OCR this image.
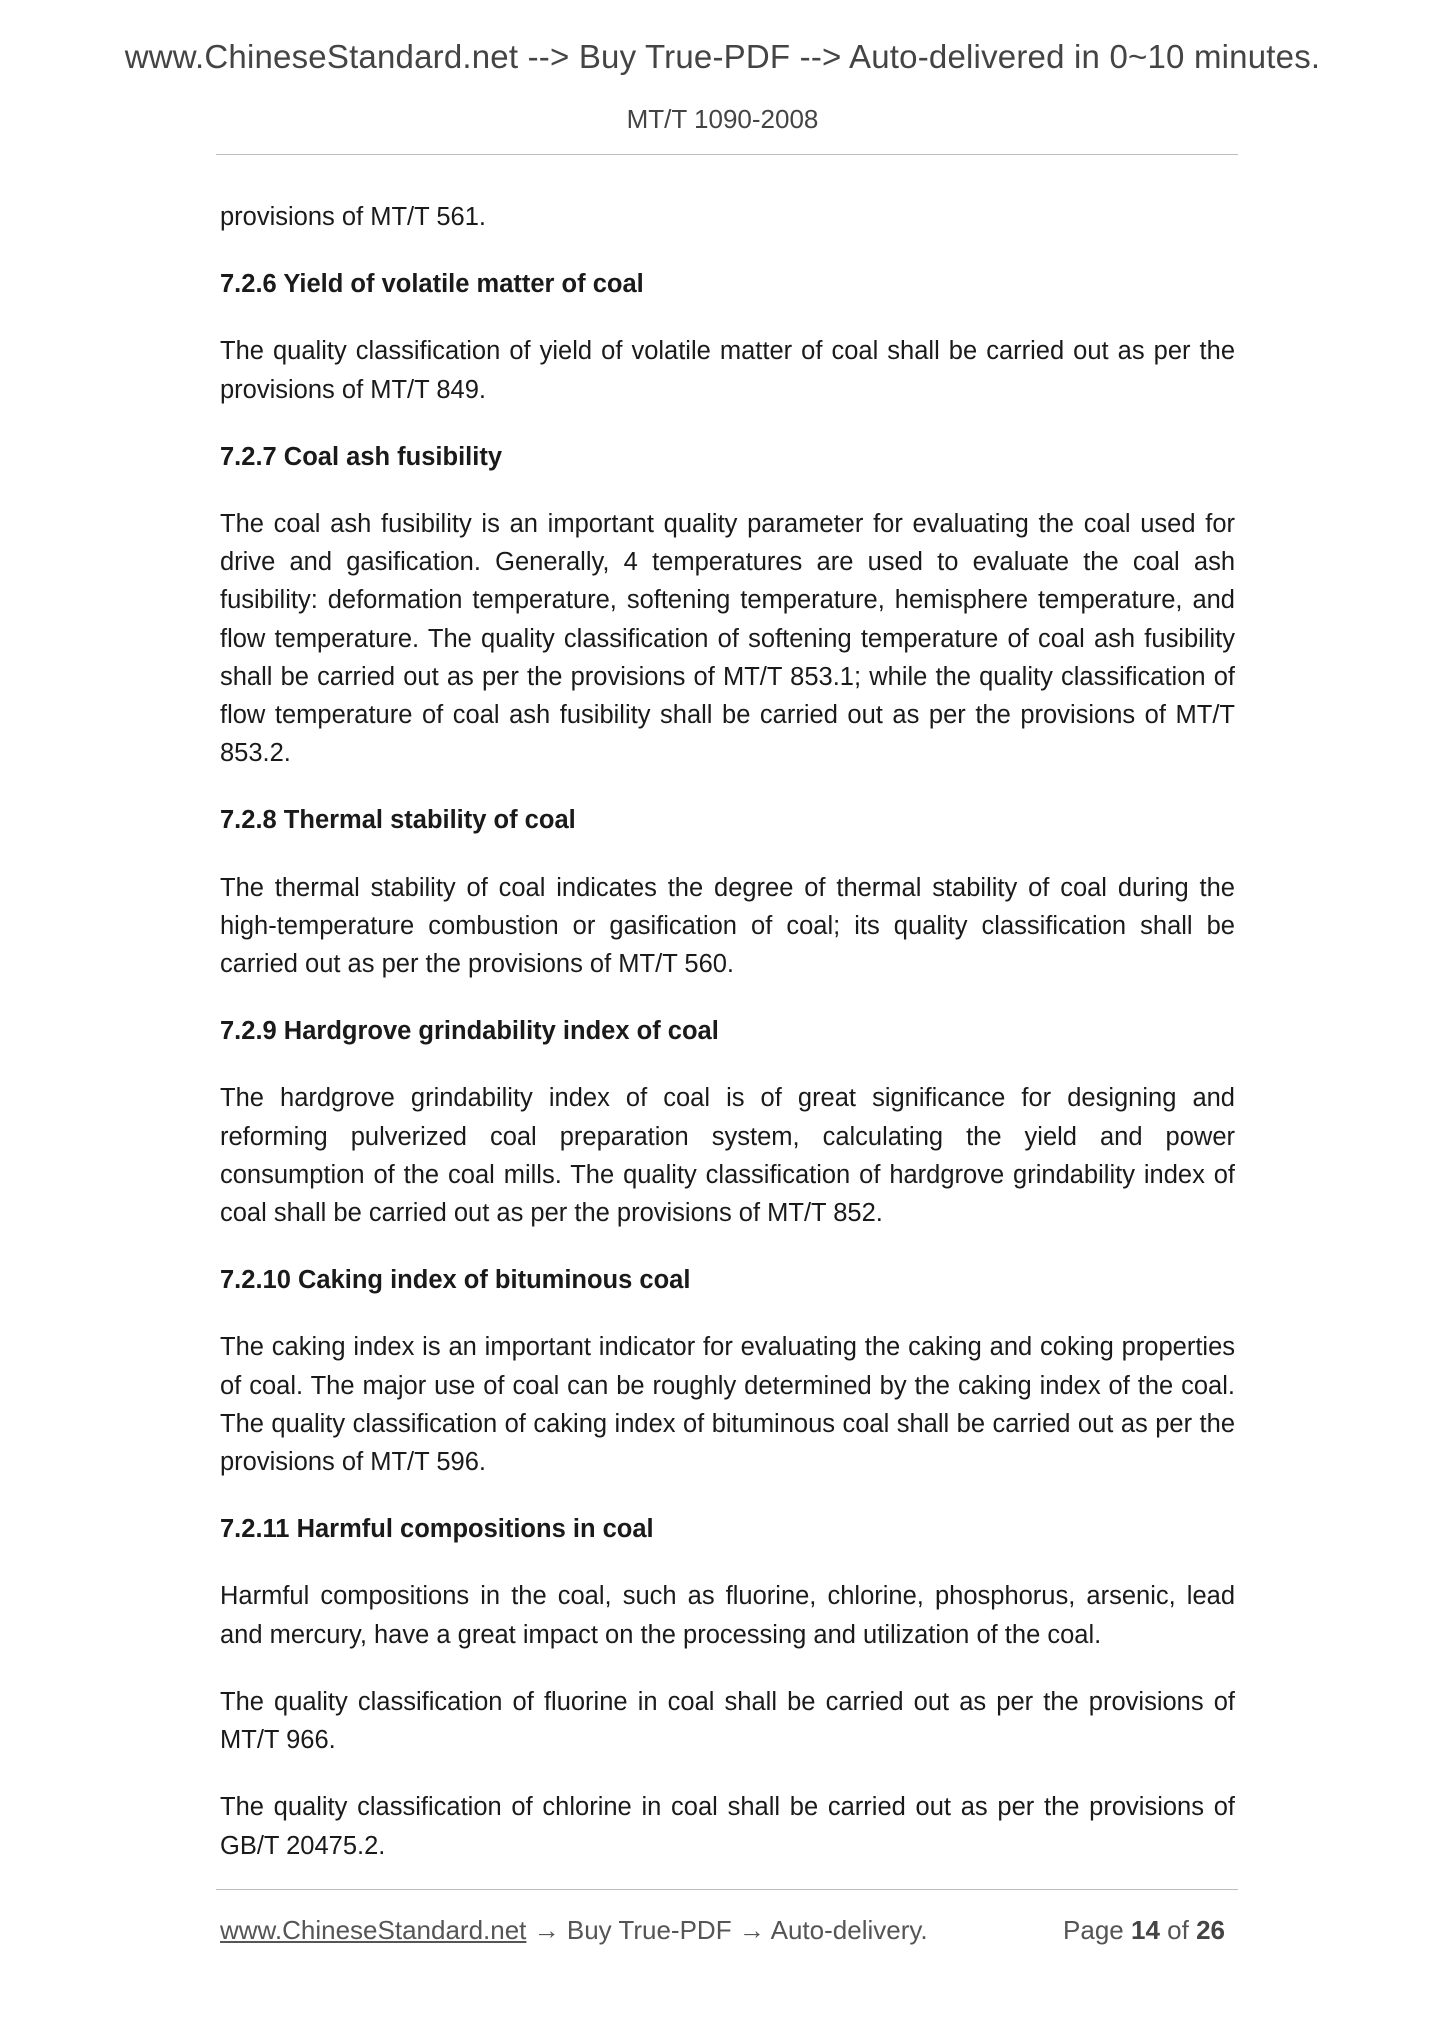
www.ChineseStandard.net --> Buy True-PDF --> Auto-delivered in 0~10 minutes.
MT/T 1090-2008

provisions of MT/T 561.

7.2.6 Yield of volatile matter of coal

The quality classification of yield of volatile matter of coal shall be carried out as per the provisions of MT/T 849.

7.2.7 Coal ash fusibility

The coal ash fusibility is an important quality parameter for evaluating the coal used for drive and gasification. Generally, 4 temperatures are used to evaluate the coal ash fusibility: deformation temperature, softening temperature, hemisphere temperature, and flow temperature. The quality classification of softening temperature of coal ash fusibility shall be carried out as per the provisions of MT/T 853.1; while the quality classification of flow temperature of coal ash fusibility shall be carried out as per the provisions of MT/T 853.2.

7.2.8 Thermal stability of coal

The thermal stability of coal indicates the degree of thermal stability of coal during the high-temperature combustion or gasification of coal; its quality classification shall be carried out as per the provisions of MT/T 560.

7.2.9 Hardgrove grindability index of coal

The hardgrove grindability index of coal is of great significance for designing and reforming pulverized coal preparation system, calculating the yield and power consumption of the coal mills. The quality classification of hardgrove grindability index of coal shall be carried out as per the provisions of MT/T 852.

7.2.10 Caking index of bituminous coal

The caking index is an important indicator for evaluating the caking and coking properties of coal. The major use of coal can be roughly determined by the caking index of the coal. The quality classification of caking index of bituminous coal shall be carried out as per the provisions of MT/T 596.

7.2.11 Harmful compositions in coal

Harmful compositions in the coal, such as fluorine, chlorine, phosphorus, arsenic, lead and mercury, have a great impact on the processing and utilization of the coal.

The quality classification of fluorine in coal shall be carried out as per the provisions of MT/T 966.

The quality classification of chlorine in coal shall be carried out as per the provisions of GB/T 20475.2.

www.ChineseStandard.net → Buy True-PDF → Auto-delivery.	Page 14 of 26
